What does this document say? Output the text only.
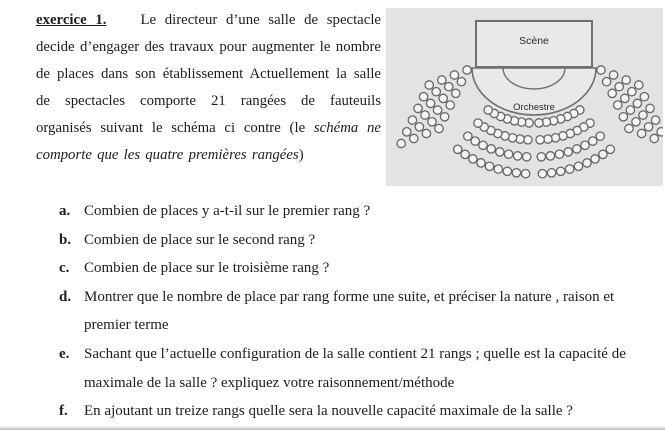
exercice 1. Le directeur d’une salle de spectacle decide d’engager des travaux pour augmenter le nombre de places dans son établissement Actuellement la salle de spectacles comporte 21 rangées de fauteuils organisés suivant le schéma ci contre (le schéma ne comporte que les quatre premières rangées)

Scène
Orchestre
a. Combien de places y a-t-il sur le premier rang ?
b. Combien de place sur le second rang ?
c. Combien de place sur le troisième rang ?
d. Montrer que le nombre de place par rang forme une suite, et préciser la nature , raison et premier terme
e. Sachant que l’actuelle configuration de la salle contient 21 rangs ; quelle est la capacité de maximale de la salle ? expliquez votre raisonnement/méthode
f.	En ajoutant un treize rangs quelle sera la nouvelle capacité maximale de la salle ?
